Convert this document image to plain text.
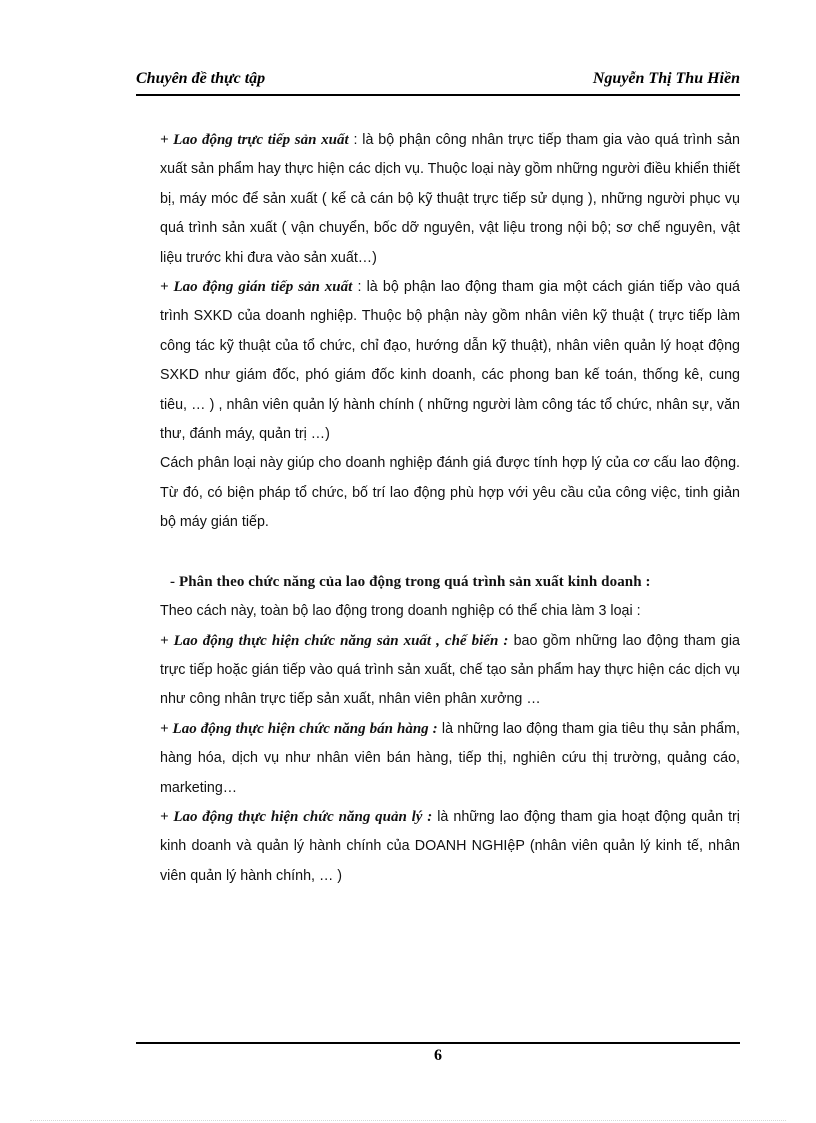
Chuyên đề thực tập	Nguyễn Thị Thu Hiền

+ Lao động trực tiếp sản xuất : là bộ phận công nhân trực tiếp tham gia vào quá trình sản xuất sản phẩm hay thực hiện các dịch vụ. Thuộc loại này gồm những người điều khiển thiết bị, máy móc để sản xuất ( kể cả cán bộ kỹ thuật trực tiếp sử dụng ), những người phục vụ quá trình sản xuất ( vận chuyển, bốc dỡ nguyên, vật liệu trong nội bộ; sơ chế nguyên, vật liệu trước khi đưa vào sản xuất…)

+ Lao động gián tiếp sản xuất : là bộ phận lao động tham gia một cách gián tiếp vào quá trình SXKD của doanh nghiệp. Thuộc bộ phận này gồm nhân viên kỹ thuật ( trực tiếp làm công tác kỹ thuật của tổ chức, chỉ đạo, hướng dẫn kỹ thuật), nhân viên quản lý hoạt động SXKD như giám đốc, phó giám đốc kinh doanh, các phong ban kế toán, thống kê, cung tiêu, … ) , nhân viên quản lý hành chính ( những người làm công tác tổ chức, nhân sự, văn thư, đánh máy, quản trị …)

Cách phân loại này giúp cho doanh nghiệp đánh giá được tính hợp lý của cơ cấu lao động. Từ đó, có biện pháp tổ chức, bố trí lao động phù hợp với yêu cầu của công việc, tinh giản bộ máy gián tiếp.

- Phân theo chức năng của lao động trong quá trình sản xuất kinh doanh :

Theo cách này, toàn bộ lao động trong doanh nghiệp có thể chia làm 3 loại :

+ Lao động thực hiện chức năng sản xuất , chế biến : bao gồm những lao động tham gia trực tiếp hoặc gián tiếp vào quá trình sản xuất, chế tạo sản phẩm hay thực hiện các dịch vụ như công nhân trực tiếp sản xuất, nhân viên phân xưởng …

+ Lao động thực hiện chức năng bán hàng : là những lao động tham gia tiêu thụ sản phẩm, hàng hóa, dịch vụ như nhân viên bán hàng, tiếp thị, nghiên cứu thị trường, quảng cáo, marketing…

+ Lao động thực hiện chức năng quản lý : là những lao động tham gia hoạt động quản trị kinh doanh và quản lý hành chính của DOANH NGHIệP (nhân viên quản lý kinh tế, nhân viên quản lý hành chính, … )

6
